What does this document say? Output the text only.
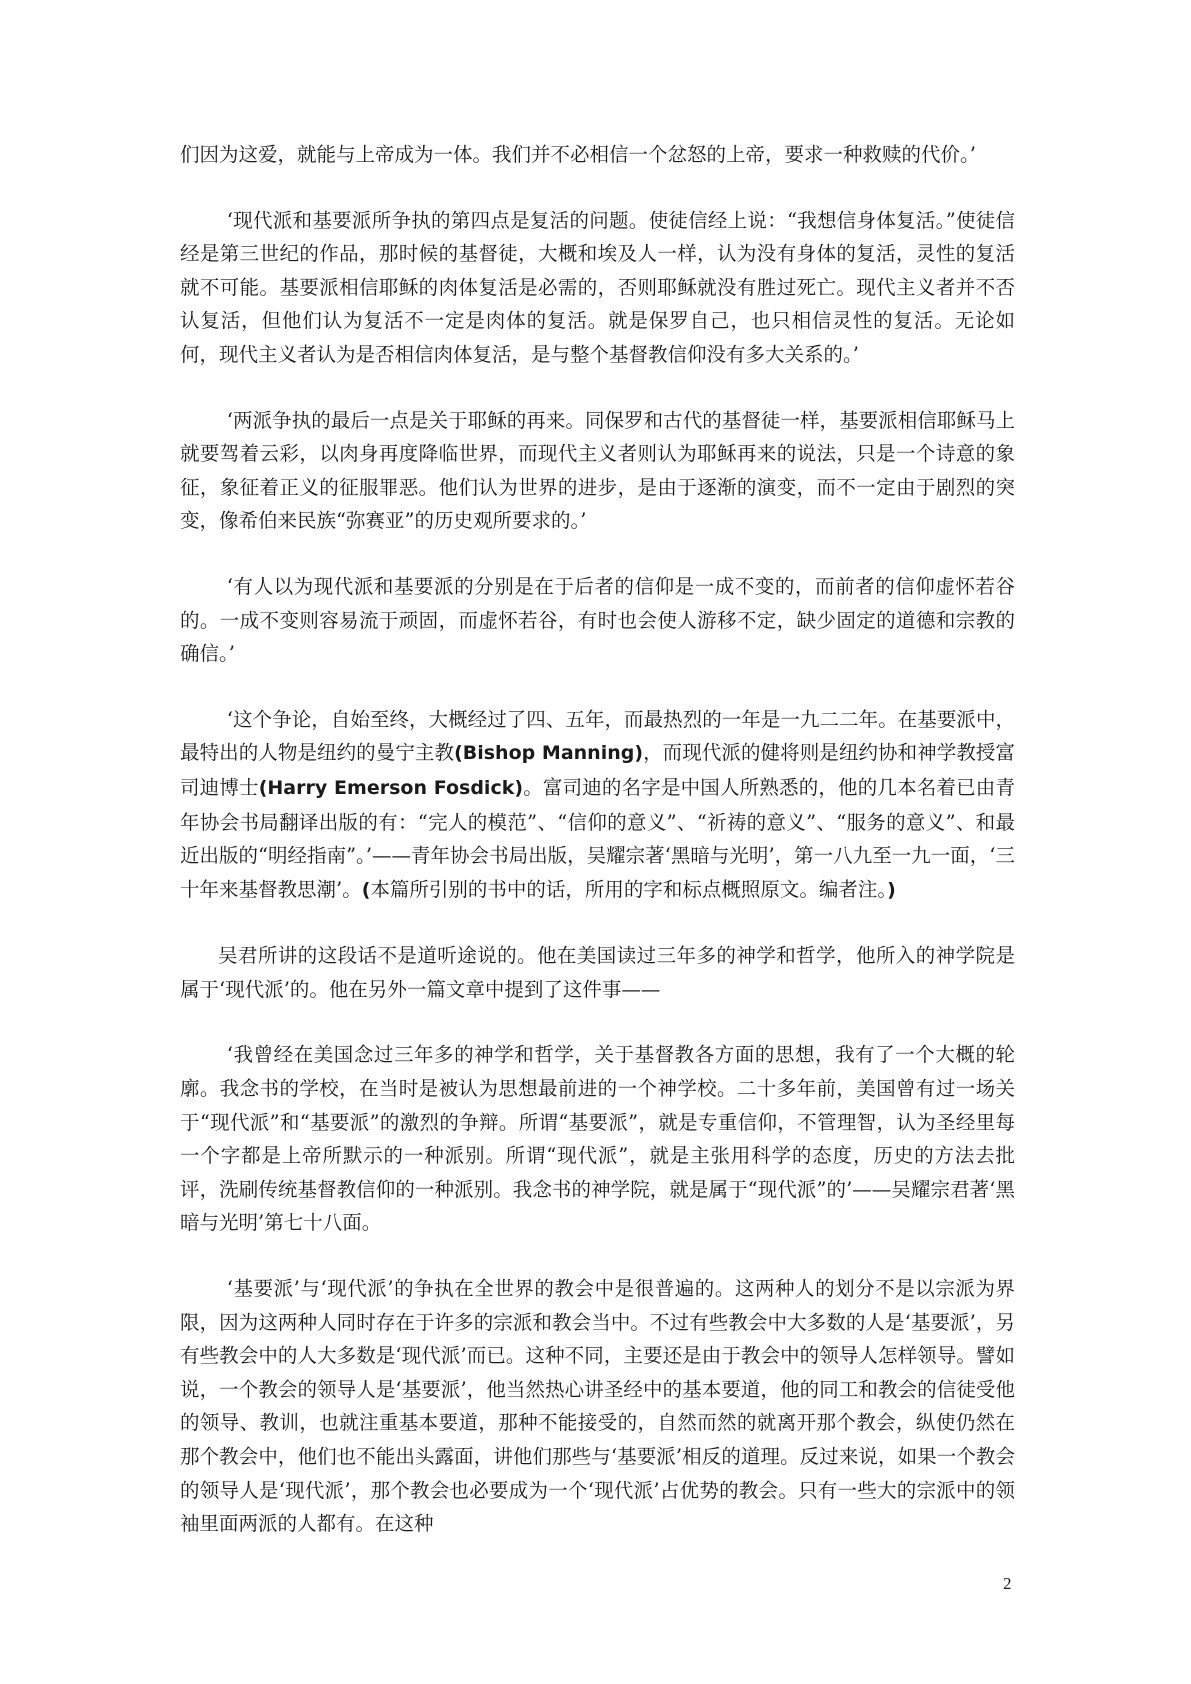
们因为这爱，就能与上帝成为一体。我们并不必相信一个忿怒的上帝，要求一种救赎的代价。’

‘现代派和基要派所争执的第四点是复活的问题。使徒信经上说：“我想信身体复活。”使徒信经是第三世纪的作品，那时候的基督徒，大概和埃及人一样，认为没有身体的复活，灵性的复活就不可能。基要派相信耶稣的肉体复活是必需的，否则耶稣就没有胜过死亡。现代主义者并不否认复活，但他们认为复活不一定是肉体的复活。就是保罗自己，也只相信灵性的复活。无论如何，现代主义者认为是否相信肉体复活，是与整个基督教信仰没有多大关系的。’

‘两派争执的最后一点是关于耶稣的再来。同保罗和古代的基督徒一样，基要派相信耶稣马上就要驾着云彩，以肉身再度降临世界，而现代主义者则认为耶稣再来的说法，只是一个诗意的象征，象征着正义的征服罪恶。他们认为世界的进步，是由于逐渐的演变，而不一定由于剧烈的突变，像希伯来民族“弥赛亚”的历史观所要求的。’

‘有人以为现代派和基要派的分别是在于后者的信仰是一成不变的，而前者的信仰虚怀若谷的。一成不变则容易流于顽固，而虚怀若谷，有时也会使人游移不定，缺少固定的道德和宗教的确信。’

‘这个争论，自始至终，大概经过了四、五年，而最热烈的一年是一九二二年。在基要派中，最特出的人物是纽约的曼宁主教(Bishop Manning)，而现代派的健将则是纽约协和神学教授富司迪博士(Harry Emerson Fosdick)。富司迪的名字是中国人所熟悉的，他的几本名着已由青年协会书局翻译出版的有：“完人的模范”、“信仰的意义”、“祈祷的意义”、“服务的意义”、和最近出版的“明经指南”。’——青年协会书局出版，吴耀宗著‘黑暗与光明’，第一八九至一九一面，‘三十年来基督教思潮’。(本篇所引别的书中的话，所用的字和标点概照原文。编者注。)

吴君所讲的这段话不是道听途说的。他在美国读过三年多的神学和哲学，他所入的神学院是属于‘现代派’的。他在另外一篇文章中提到了这件事——

‘我曾经在美国念过三年多的神学和哲学，关于基督教各方面的思想，我有了一个大概的轮廓。我念书的学校，在当时是被认为思想最前进的一个神学校。二十多年前，美国曾有过一场关于“现代派”和“基要派”的激烈的争辩。所谓“基要派”，就是专重信仰，不管理智，认为圣经里每一个字都是上帝所默示的一种派别。所谓“现代派”，就是主张用科学的态度，历史的方法去批评，洗刷传统基督教信仰的一种派别。我念书的神学院，就是属于“现代派”的’——吴耀宗君著‘黑暗与光明’第七十八面。

‘基要派’与‘现代派’的争执在全世界的教会中是很普遍的。这两种人的划分不是以宗派为界限，因为这两种人同时存在于许多的宗派和教会当中。不过有些教会中大多数的人是‘基要派’，另有些教会中的人大多数是‘现代派’而已。这种不同，主要还是由于教会中的领导人怎样领导。譬如说，一个教会的领导人是‘基要派’，他当然热心讲圣经中的基本要道，他的同工和教会的信徒受他的领导、教训，也就注重基本要道，那种不能接受的，自然而然的就离开那个教会，纵使仍然在那个教会中，他们也不能出头露面，讲他们那些与‘基要派’相反的道理。反过来说，如果一个教会的领导人是‘现代派’，那个教会也必要成为一个‘现代派’占优势的教会。只有一些大的宗派中的领袖里面两派的人都有。在这种

2
